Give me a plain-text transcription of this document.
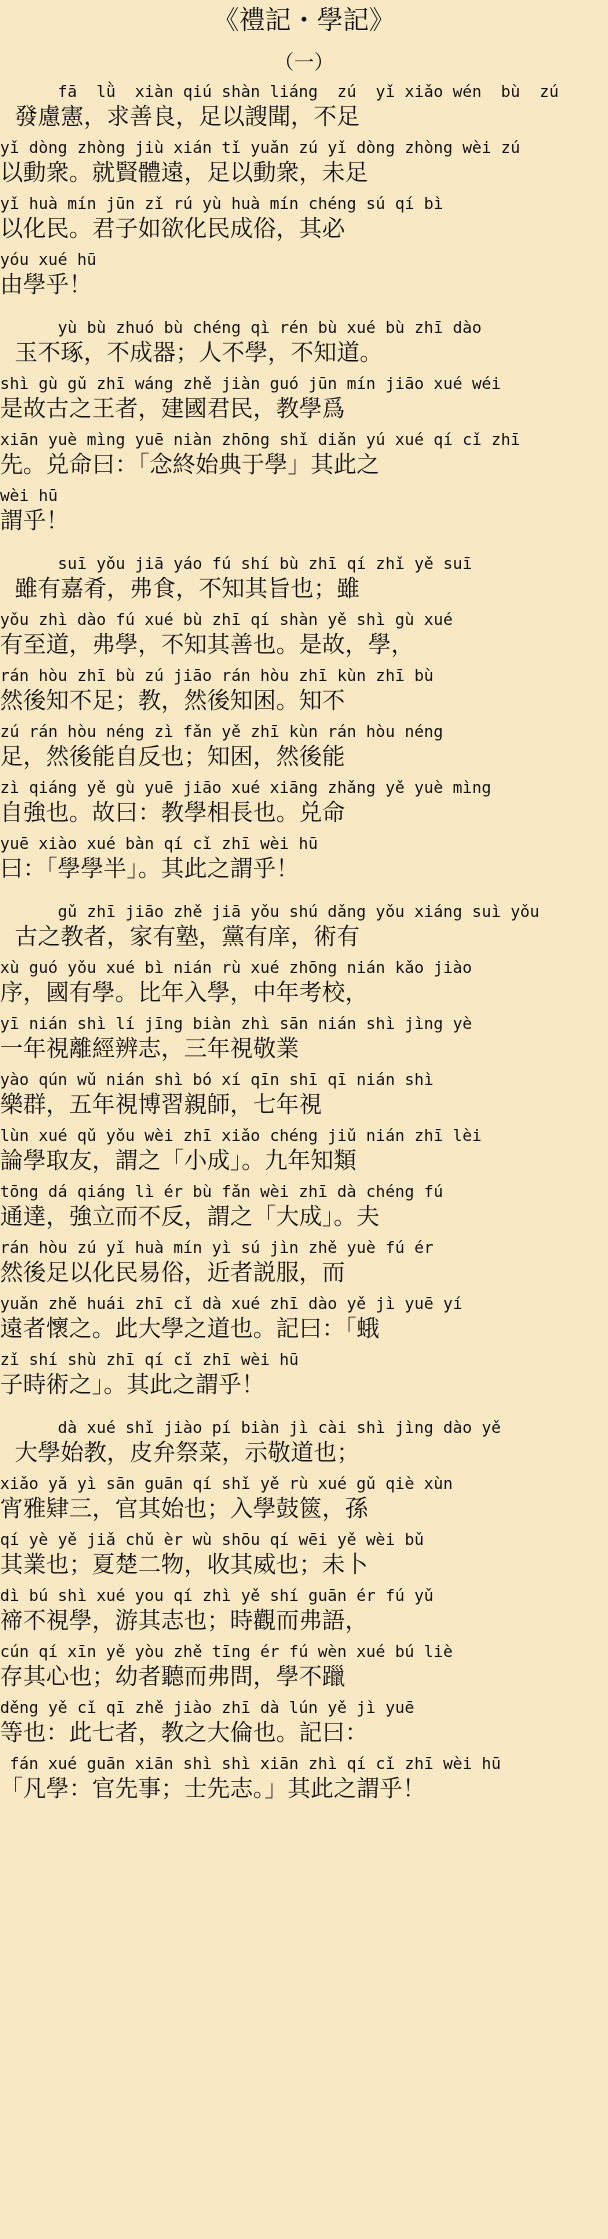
《禮記・學記》
（一）
fā  lǜ  xiàn qiú shàn liáng  zú  yǐ xiǎo wén  bù  zú
發慮憲，求善良，足以謏聞，不足
yǐ dòng zhòng jiù xián tǐ yuǎn zú yǐ dòng zhòng wèi zú
以動衆。就賢體遠，足以動衆，未足
yǐ huà mín jūn zǐ rú yù huà mín chéng sú qí bì
以化民。君子如欲化民成俗，其必
yóu xué hū
由學乎！
yù bù zhuó bù chéng qì rén bù xué bù zhī dào
玉不琢，不成器；人不學，不知道。
shì gù gǔ zhī wáng zhě jiàn guó jūn mín jiāo xué wéi
是故古之王者，建國君民，教學爲
xiān yuè mìng yuē niàn zhōng shǐ diǎn yú xué qí cǐ zhī
先。兑命曰：「念終始典于學」其此之
wèi hū
謂乎！
suī yǒu jiā yáo fú shí bù zhī qí zhǐ yě suī
雖有嘉肴，弗食，不知其旨也；雖
yǒu zhì dào fú xué bù zhī qí shàn yě shì gù xué
有至道，弗學，不知其善也。是故，學，
rán hòu zhī bù zú jiāo rán hòu zhī kùn zhī bù
然後知不足；教，然後知困。知不
zú rán hòu néng zì fǎn yě zhī kùn rán hòu néng
足，然後能自反也；知困，然後能
zì qiáng yě gù yuē jiāo xué xiāng zhǎng yě yuè mìng
自強也。故曰：教學相長也。兑命
yuē xiào xué bàn qí cǐ zhī wèi hū
曰：「學學半」。其此之謂乎！
gǔ zhī jiāo zhě jiā yǒu shú dǎng yǒu xiáng suì yǒu
古之教者，家有塾，黨有庠，術有
xù guó yǒu xué bì nián rù xué zhōng nián kǎo jiào
序，國有學。比年入學，中年考校，
yī nián shì lí jīng biàn zhì sān nián shì jìng yè
一年視離經辨志，三年視敬業
yào qún wǔ nián shì bó xí qīn shī qī nián shì
樂群，五年視博習親師，七年視
lùn xué qǔ yǒu wèi zhī xiǎo chéng jiǔ nián zhī lèi
論學取友，謂之「小成」。九年知類
tōng dá qiáng lì ér bù fǎn wèi zhī dà chéng fú
通達，強立而不反，謂之「大成」。夫
rán hòu zú yǐ huà mín yì sú jìn zhě yuè fú ér
然後足以化民易俗，近者説服，而
yuǎn zhě huái zhī cǐ dà xué zhī dào yě jì yuē yí
遠者懷之。此大學之道也。記曰：「蛾
zǐ shí shù zhī qí cǐ zhī wèi hū
子時術之」。其此之謂乎！
dà xué shǐ jiào pí biàn jì cài shì jìng dào yě
大學始教，皮弁祭菜，示敬道也；
xiǎo yǎ yì sān guān qí shǐ yě rù xué gǔ qiè xùn
宵雅肄三，官其始也；入學鼓篋，孫
qí yè yě jiǎ chǔ èr wù shōu qí wēi yě wèi bǔ
其業也；夏楚二物，收其威也；未卜
dì bú shì xué you qí zhì yě shí guān ér fú yǔ
禘不視學，游其志也；時觀而弗語，
cún qí xīn yě yòu zhě tīng ér fú wèn xué bú liè
存其心也；幼者聽而弗問，學不躐
děng yě cǐ qī zhě jiào zhī dà lún yě jì yuē
等也：此七者，教之大倫也。記曰：
fán xué guān xiān shì shì xiān zhì qí cǐ zhī wèi hū
「凡學：官先事；士先志。」其此之謂乎！
